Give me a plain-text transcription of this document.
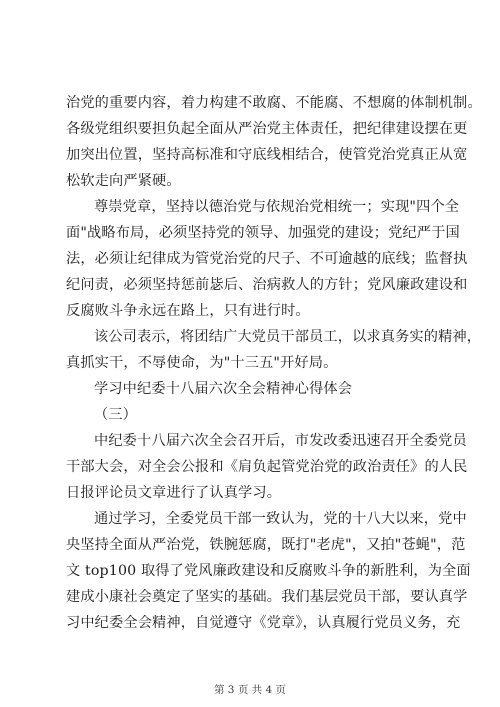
治党的重要内容，着力构建不敢腐、不能腐、不想腐的体制机制。
各级党组织要担负起全面从严治党主体责任，把纪律建设摆在更
加突出位置，坚持高标准和守底线相结合，使管党治党真正从宽
松软走向严紧硬。
尊崇党章，坚持以德治党与依规治党相统一；实现"四个全
面"战略布局，必须坚持党的领导、加强党的建设；党纪严于国
法，必须让纪律成为管党治党的尺子、不可逾越的底线；监督执
纪问责，必须坚持惩前毖后、治病救人的方针；党风廉政建设和
反腐败斗争永远在路上，只有进行时。
该公司表示，将团结广大党员干部员工，以求真务实的精神，
真抓实干，不辱使命，为"十三五"开好局。
学习中纪委十八届六次全会精神心得体会
（三）
中纪委十八届六次全会召开后，市发改委迅速召开全委党员
干部大会，对全会公报和《肩负起管党治党的政治责任》的人民
日报评论员文章进行了认真学习。
通过学习，全委党员干部一致认为，党的十八大以来，党中
央坚持全面从严治党，铁腕惩腐，既打"老虎"，又拍"苍蝇"，范
文 top100 取得了党风廉政建设和反腐败斗争的新胜利，为全面
建成小康社会奠定了坚实的基础。我们基层党员干部，要认真学
习中纪委全会精神，自觉遵守《党章》，认真履行党员义务，充
第 3 页 共 4 页
